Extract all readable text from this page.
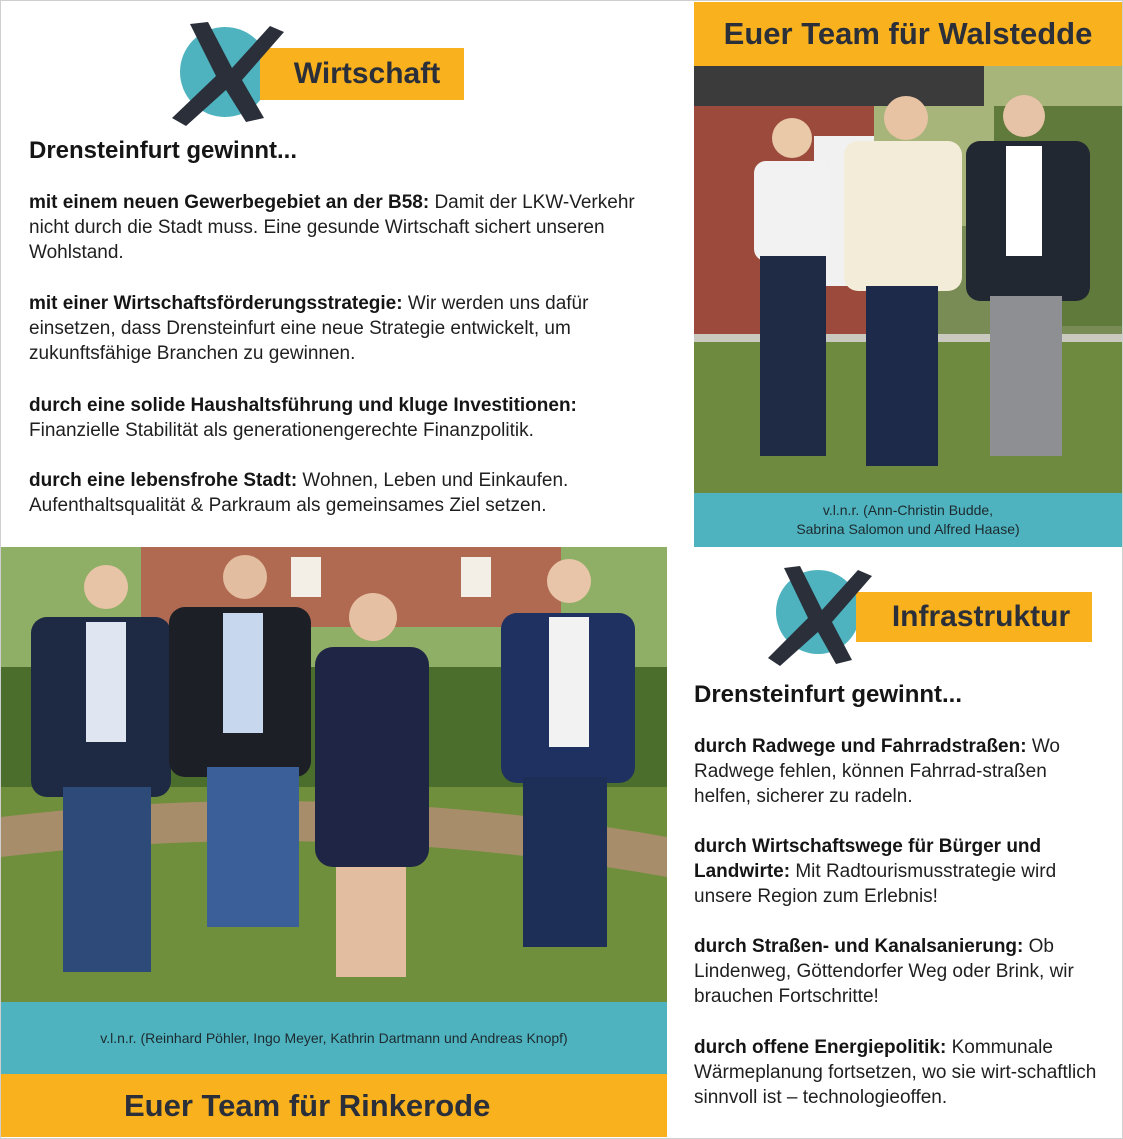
Wirtschaft
Drensteinfurt gewinnt...

mit einem neuen Gewerbegebiet an der B58: Damit der LKW-Verkehr nicht durch die Stadt muss. Eine gesunde Wirtschaft sichert unseren Wohlstand.

mit einer Wirtschaftsförderungsstrategie: Wir werden uns dafür einsetzen, dass Drensteinfurt eine neue Strategie entwickelt, um zukunftsfähige Branchen zu gewinnen.

durch eine solide Haushaltsführung und kluge Investitionen: Finanzielle Stabilität als generationengerechte Finanzpolitik.

durch eine lebensfrohe Stadt: Wohnen, Leben und Einkaufen. Aufenthaltsqualität & Parkraum als gemeinsames Ziel setzen.

Euer Team für Walstedde
v.l.n.r. (Ann-Christin Budde,
Sabrina Salomon und Alfred Haase)
v.l.n.r. (Reinhard Pöhler, Ingo Meyer, Kathrin Dartmann und Andreas Knopf)
Euer Team für Rinkerode
Infrastruktur
Drensteinfurt gewinnt...

durch Radwege und Fahrradstraßen: Wo Radwege fehlen, können Fahrrad-straßen helfen, sicherer zu radeln.

durch Wirtschaftswege für Bürger und Landwirte: Mit Radtourismusstrategie wird unsere Region zum Erlebnis!

durch Straßen- und Kanalsanierung: Ob Lindenweg, Göttendorfer Weg oder Brink, wir brauchen Fortschritte!

durch offene Energiepolitik: Kommunale Wärmeplanung fortsetzen, wo sie wirt-schaftlich sinnvoll ist – technologieoffen.
